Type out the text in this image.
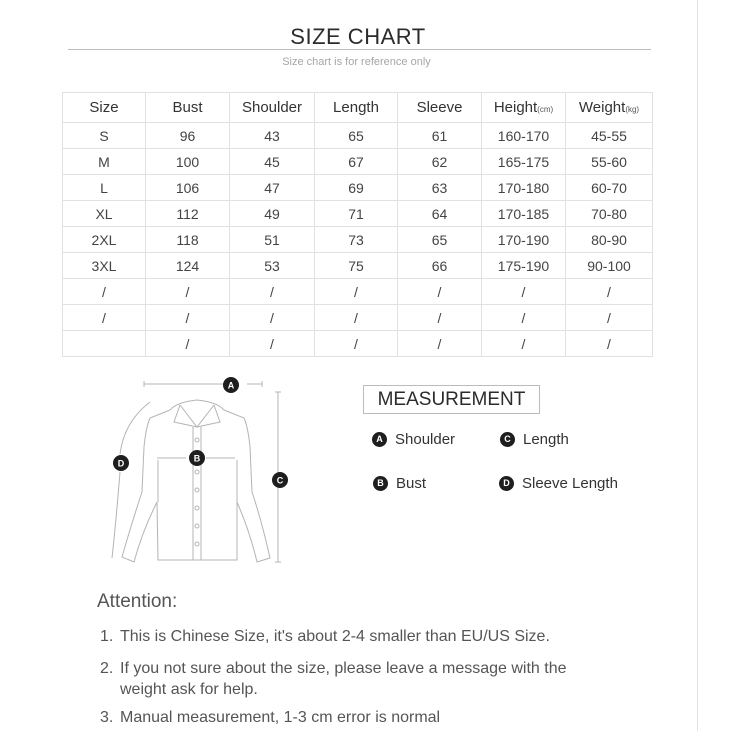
SIZE CHART
Size chart is for reference only
Size	Bust	Shoulder	Length	Sleeve	Height(cm)	Weight(kg)
S	96	43	65	61	160-170	45-55
M	100	45	67	62	165-175	55-60
L	106	47	69	63	170-180	60-70
XL	112	49	71	64	170-185	70-80
2XL	118	51	73	65	170-190	80-90
3XL	124	53	75	66	175-190	90-100
/	/	/	/	/	/	/
/	/	/	/	/	/	/
	/	/	/	/	/	/
A
B
C
D
MEASUREMENT
A Shoulder	C Length
B Bust	D Sleeve Length
Attention:
1. This is Chinese Size, it's about 2-4 smaller than EU/US Size.
2. If you not sure about the size, please leave a message with the
weight ask for help.
3. Manual measurement, 1-3 cm error is normal
